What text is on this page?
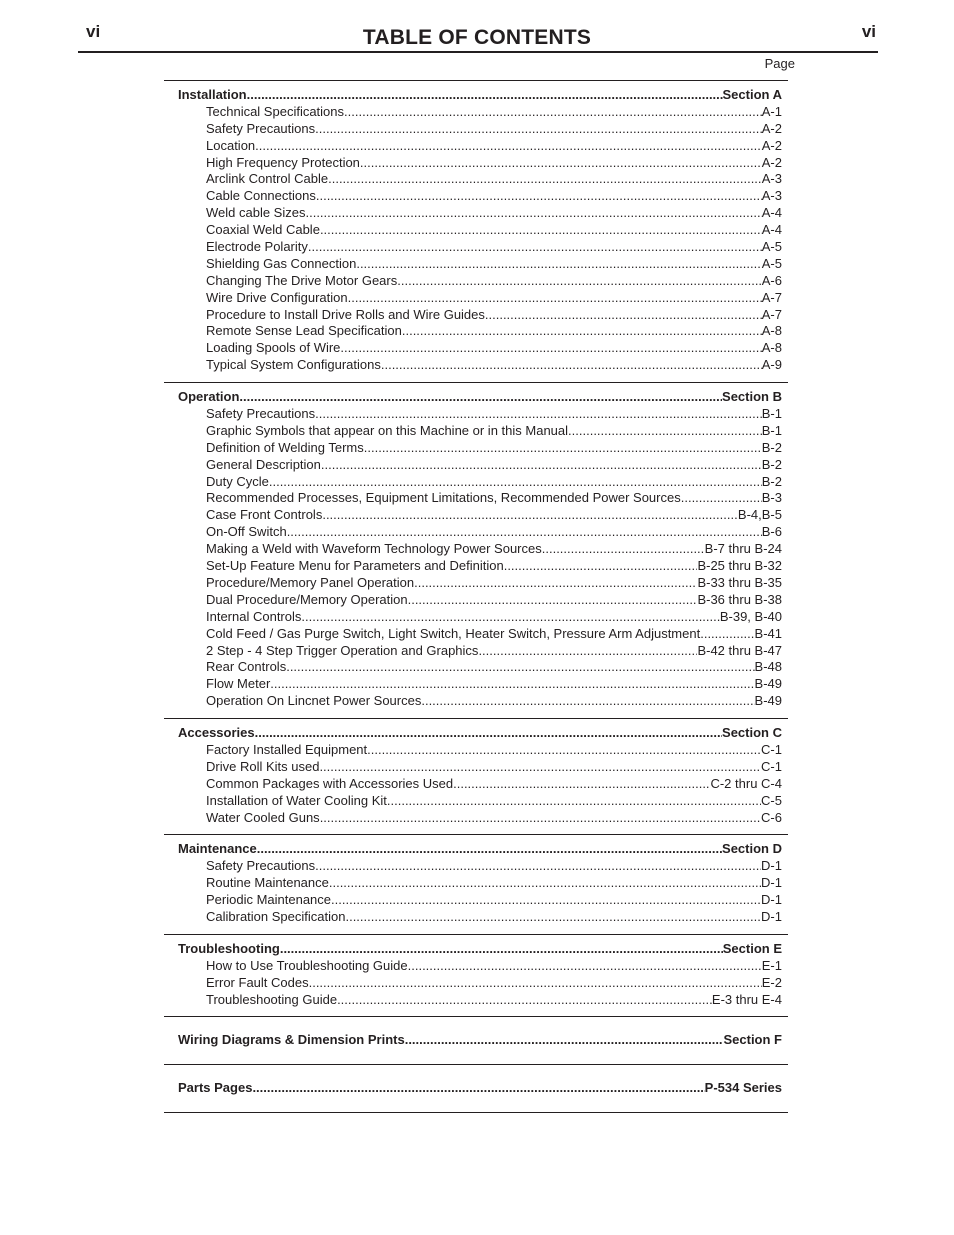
vi	TABLE OF CONTENTS	vi
Page
Installation .....	Section A
Technical Specifications .....	A-1
Safety Precautions .....	A-2
Location .....	A-2
High Frequency Protection .....	A-2
Arclink Control Cable .....	A-3
Cable Connections .....	A-3
Weld cable Sizes .....	A-4
Coaxial Weld Cable .....	A-4
Electrode Polarity .....	A-5
Shielding Gas Connection .....	A-5
Changing The Drive Motor Gears .....	A-6
Wire Drive Configuration .....	A-7
Procedure to Install Drive Rolls and Wire Guides .....	A-7
Remote Sense Lead Specification .....	A-8
Loading Spools of Wire .....	A-8
Typical System Configurations .....	A-9
Operation .....	Section B
Safety Precautions .....	B-1
Graphic Symbols that appear on this Machine or in this Manual .....	B-1
Definition of Welding Terms .....	B-2
General Description .....	B-2
Duty Cycle .....	B-2
Recommended Processes, Equipment Limitations, Recommended Power Sources .....	B-3
Case Front Controls .....	B-4,B-5
On-Off Switch .....	B-6
Making a Weld with Waveform Technology Power Sources .....	B-7 thru B-24
Set-Up Feature Menu for Parameters and Definition .....	B-25 thru B-32
Procedure/Memory Panel Operation .....	B-33 thru B-35
Dual Procedure/Memory Operation .....	B-36 thru B-38
Internal Controls .....	B-39, B-40
Cold Feed / Gas Purge Switch, Light Switch, Heater Switch, Pressure Arm Adjustment .....	B-41
2 Step - 4 Step Trigger Operation and Graphics .....	B-42 thru B-47
Rear Controls .....	B-48
Flow Meter .....	B-49
Operation On Lincnet Power Sources .....	B-49
Accessories .....	Section C
Factory Installed Equipment .....	C-1
Drive Roll Kits used .....	C-1
Common Packages with Accessories Used .....	C-2 thru C-4
Installation of Water Cooling Kit .....	C-5
Water Cooled Guns .....	C-6
Maintenance .....	Section D
Safety Precautions .....	D-1
Routine Maintenance .....	D-1
Periodic Maintenance .....	D-1
Calibration Specification .....	D-1
Troubleshooting .....	Section E
How to Use Troubleshooting Guide .....	E-1
Error Fault Codes .....	E-2
Troubleshooting Guide .....	E-3 thru E-4
Wiring Diagrams & Dimension Prints .....	Section F
Parts Pages .....	P-534 Series
